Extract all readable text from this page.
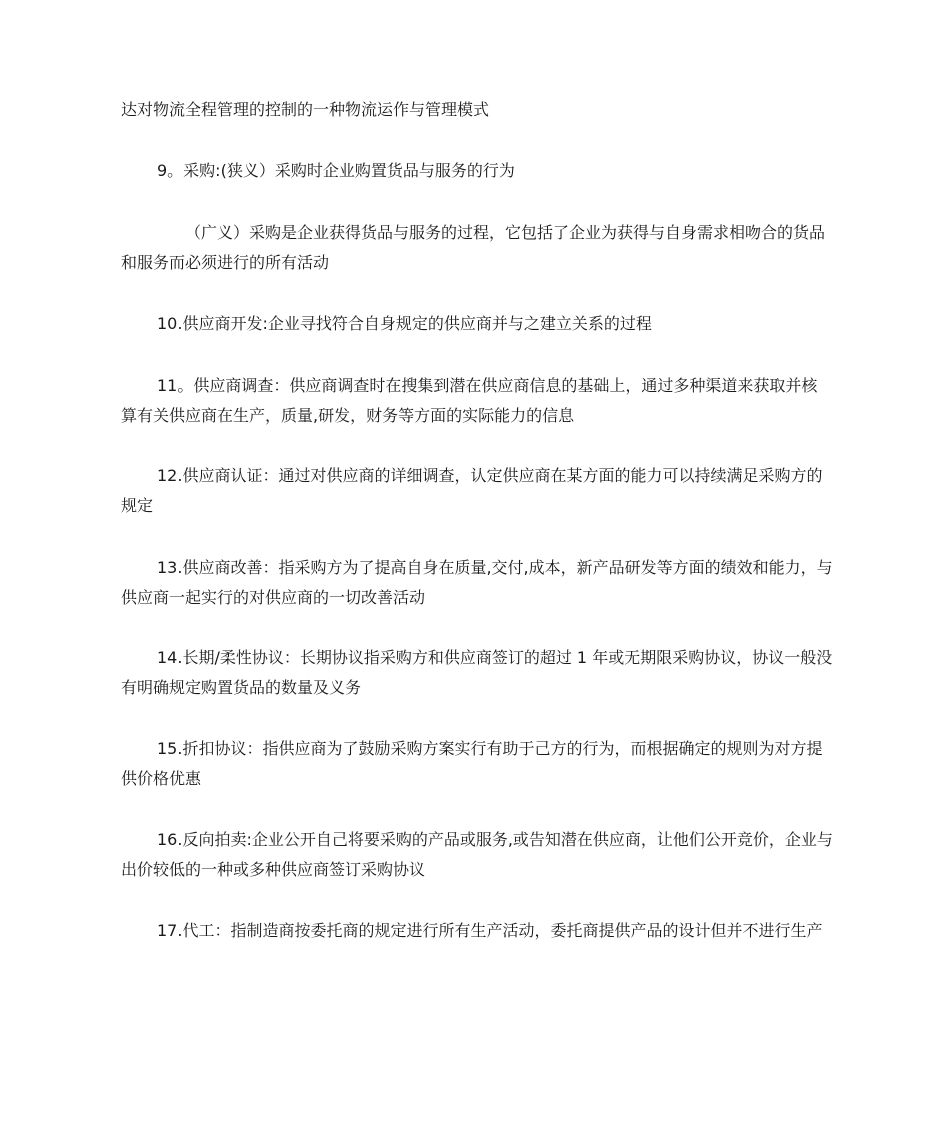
达对物流全程管理的控制的一种物流运作与管理模式

9。采购:(狭义）采购时企业购置货品与服务的行为

（广义）采购是企业获得货品与服务的过程，它包括了企业为获得与自身需求相吻合的货品和服务而必须进行的所有活动

10.供应商开发:企业寻找符合自身规定的供应商并与之建立关系的过程

11。供应商调查：供应商调查时在搜集到潜在供应商信息的基础上，通过多种渠道来获取并核算有关供应商在生产，质量,研发，财务等方面的实际能力的信息

12.供应商认证：通过对供应商的详细调查，认定供应商在某方面的能力可以持续满足采购方的规定

13.供应商改善：指采购方为了提高自身在质量,交付,成本，新产品研发等方面的绩效和能力，与供应商一起实行的对供应商的一切改善活动

14.长期/柔性协议：长期协议指采购方和供应商签订的超过 1 年或无期限采购协议，协议一般没有明确规定购置货品的数量及义务

15.折扣协议：指供应商为了鼓励采购方案实行有助于己方的行为，而根据确定的规则为对方提供价格优惠

16.反向拍卖:企业公开自己将要采购的产品或服务,或告知潜在供应商，让他们公开竞价，企业与出价较低的一种或多种供应商签订采购协议

17.代工：指制造商按委托商的规定进行所有生产活动，委托商提供产品的设计但并不进行生产
